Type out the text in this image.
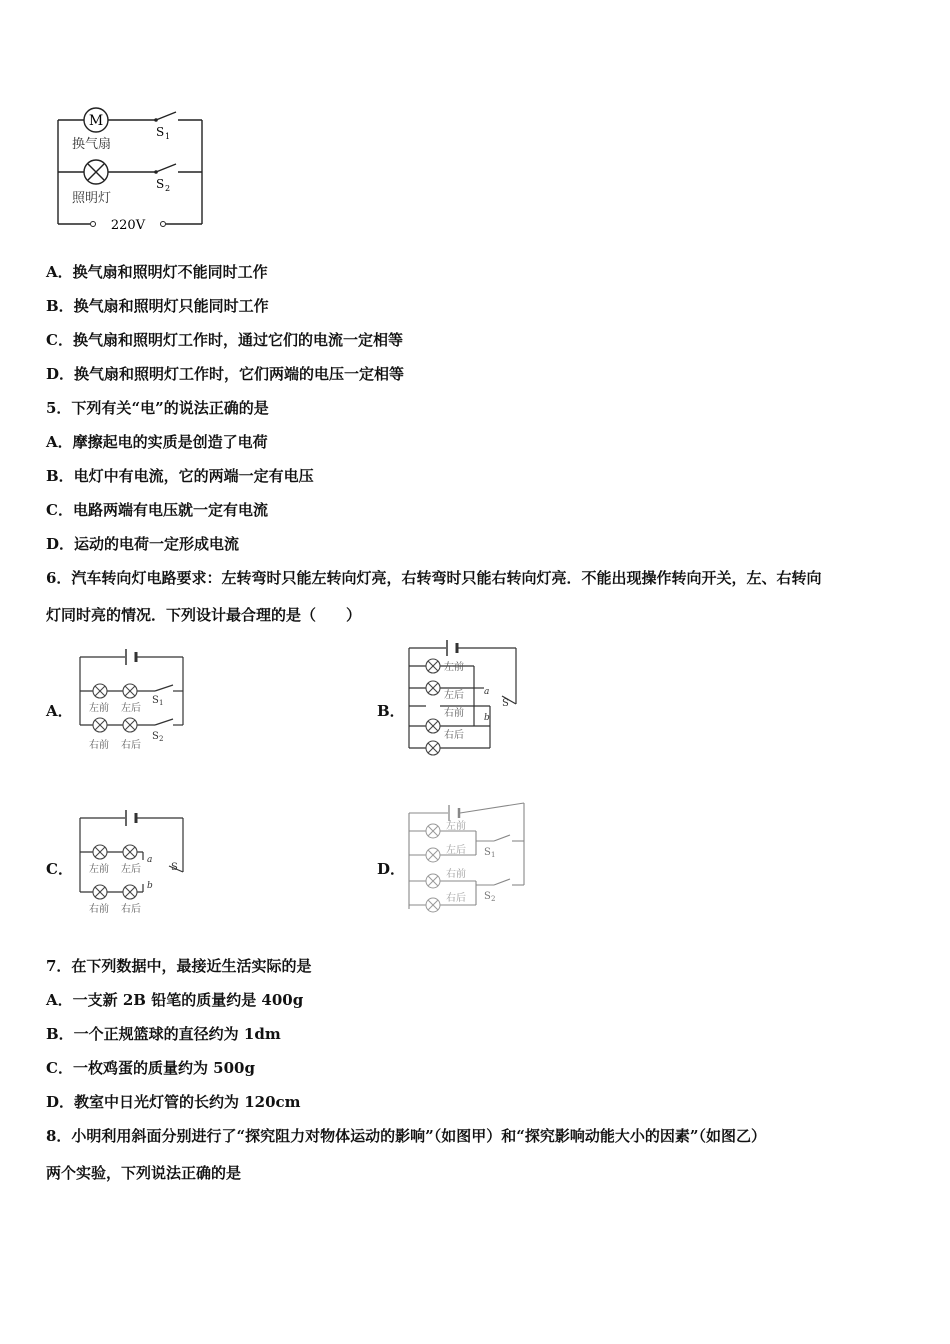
M
换气扇
照明灯
S 1
S 2
220V
A．换气扇和照明灯不能同时工作
B．换气扇和照明灯只能同时工作
C．换气扇和照明灯工作时，通过它们的电流一定相等
D．换气扇和照明灯工作时，它们两端的电压一定相等
5．下列有关“电”的说法正确的是
A．摩擦起电的实质是创造了电荷
B．电灯中有电流，它的两端一定有电压
C．电路两端有电压就一定有电流
D．运动的电荷一定形成电流
6．汽车转向灯电路要求：左转弯时只能左转向灯亮，右转弯时只能右转向灯亮．不能出现操作转向开关，左、右转向
灯同时亮的情况．下列设计最合理的是（　　）
A．	B．
C．	D．
左前 左后
右前 右后
S 1
S 2
左前
左后
右前
右后
a
b
S
左前 左后
右前 右后
a
b
S
左前
左后
右前
右后
S 1
S 2
7．在下列数据中，最接近生活实际的是
A．一支新 2B 铅笔的质量约是 400g
B．一个正规篮球的直径约为 1dm
C．一枚鸡蛋的质量约为 500g
D．教室中日光灯管的长约为 120cm
8．小明利用斜面分别进行了“探究阻力对物体运动的影响”（如图甲）和“探究影响动能大小的因素”（如图乙）
两个实验，下列说法正确的是
